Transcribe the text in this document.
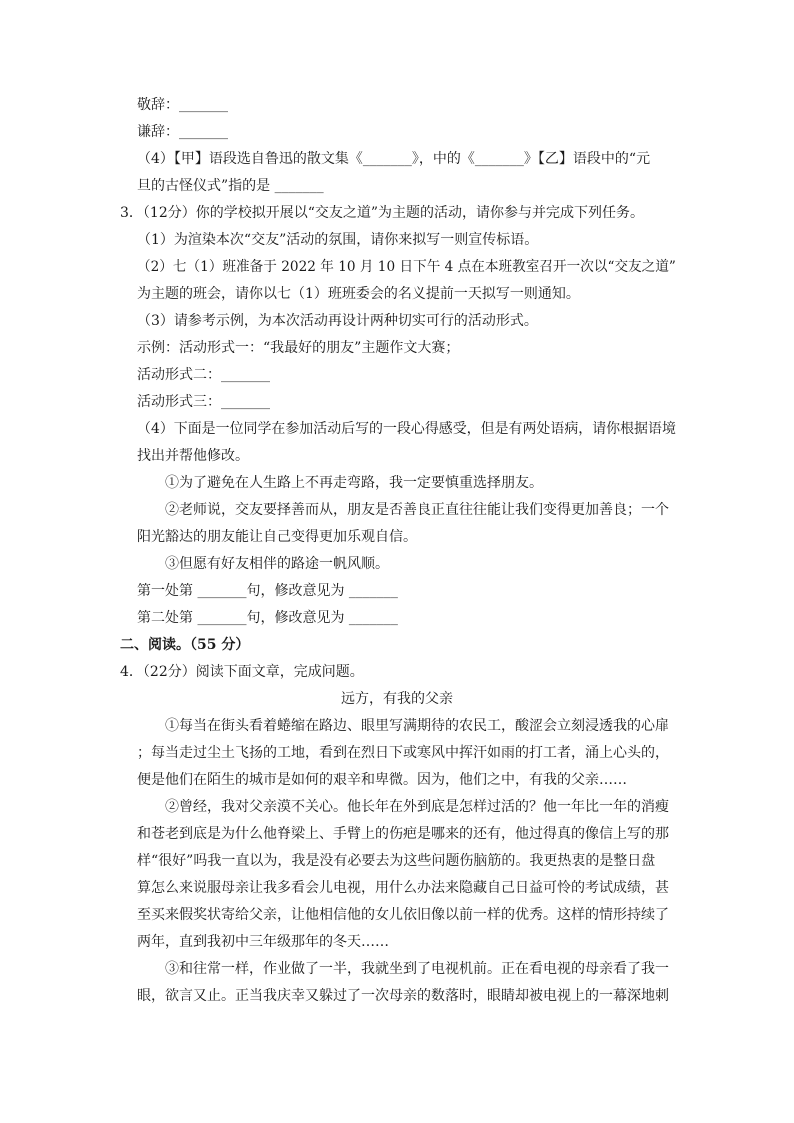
敬辞：_______
谦辞：_______
（4）【甲】语段选自鲁迅的散文集《_______》，中的《_______》【乙】语段中的“元
旦的古怪仪式”指的是 _______
3．（12分）你的学校拟开展以“交友之道”为主题的活动，请你参与并完成下列任务。
（1）为渲染本次“交友”活动的氛围，请你来拟写一则宣传标语。
（2）七（1）班准备于 2022 年 10 月 10 日下午 4 点在本班教室召开一次以“交友之道”
为主题的班会，请你以七（1）班班委会的名义提前一天拟写一则通知。
（3）请参考示例，为本次活动再设计两种切实可行的活动形式。
示例：活动形式一：“我最好的朋友”主题作文大赛；
活动形式二：_______
活动形式三：_______
（4）下面是一位同学在参加活动后写的一段心得感受，但是有两处语病，请你根据语境
找出并帮他修改。
①为了避免在人生路上不再走弯路，我一定要慎重选择朋友。
②老师说，交友要择善而从，朋友是否善良正直往往能让我们变得更加善良；一个
阳光豁达的朋友能让自己变得更加乐观自信。
③但愿有好友相伴的路途一帆风顺。
第一处第 _______句，修改意见为 _______
第二处第 _______句，修改意见为 _______
二、阅读。（55 分）
4．（22分）阅读下面文章，完成问题。
远方，有我的父亲
①每当在街头看着蜷缩在路边、眼里写满期待的农民工，酸涩会立刻浸透我的心扉
；每当走过尘土飞扬的工地，看到在烈日下或寒风中挥汗如雨的打工者，涌上心头的，
便是他们在陌生的城市是如何的艰辛和卑微。因为，他们之中，有我的父亲……
②曾经，我对父亲漠不关心。他长年在外到底是怎样过活的？他一年比一年的消瘦
和苍老到底是为什么他脊梁上、手臂上的伤疤是哪来的还有，他过得真的像信上写的那
样“很好”吗我一直以为，我是没有必要去为这些问题伤脑筋的。我更热衷的是整日盘
算怎么来说服母亲让我多看会儿电视，用什么办法来隐藏自己日益可怜的考试成绩，甚
至买来假奖状寄给父亲，让他相信他的女儿依旧像以前一样的优秀。这样的情形持续了
两年，直到我初中三年级那年的冬天……
③和往常一样，作业做了一半，我就坐到了电视机前。正在看电视的母亲看了我一
眼，欲言又止。正当我庆幸又躲过了一次母亲的数落时，眼睛却被电视上的一幕深地刺
